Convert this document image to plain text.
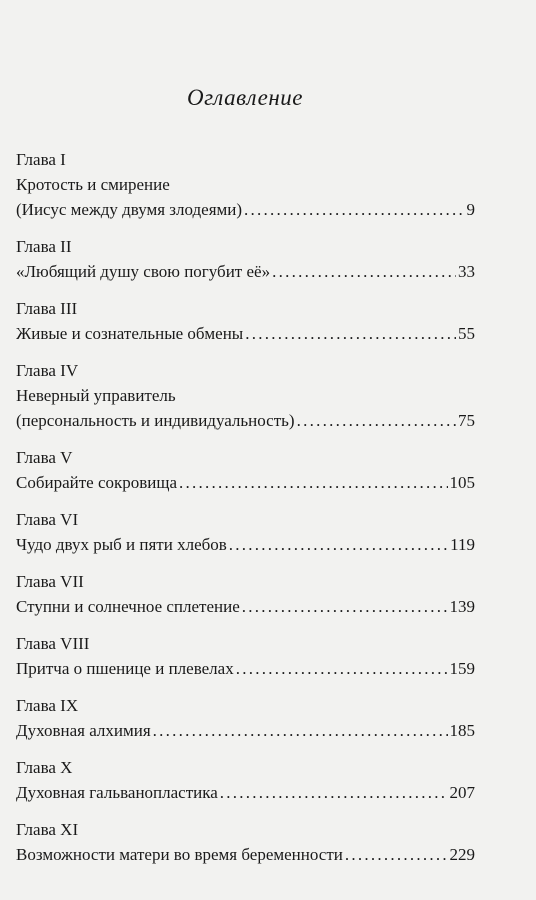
Оглавление
Глава I
Кротость и смирение
(Иисус между двумя злодеями) . . .	9
Глава II
«Любящий душу свою погубит её» . . .	33
Глава III
Живые и сознательные обмены . . .	55
Глава IV
Неверный управитель
(персональность и индивидуальность) . . .	75
Глава V
Собирайте сокровища . . .	105
Глава VI
Чудо двух рыб и пяти хлебов . . .	119
Глава VII
Ступни и солнечное сплетение . . .	139
Глава VIII
Притча о пшенице и плевелах . . .	159
Глава IX
Духовная алхимия . . .	185
Глава X
Духовная гальванопластика . . .	207
Глава XI
Возможности матери во время беременности . . .	229
